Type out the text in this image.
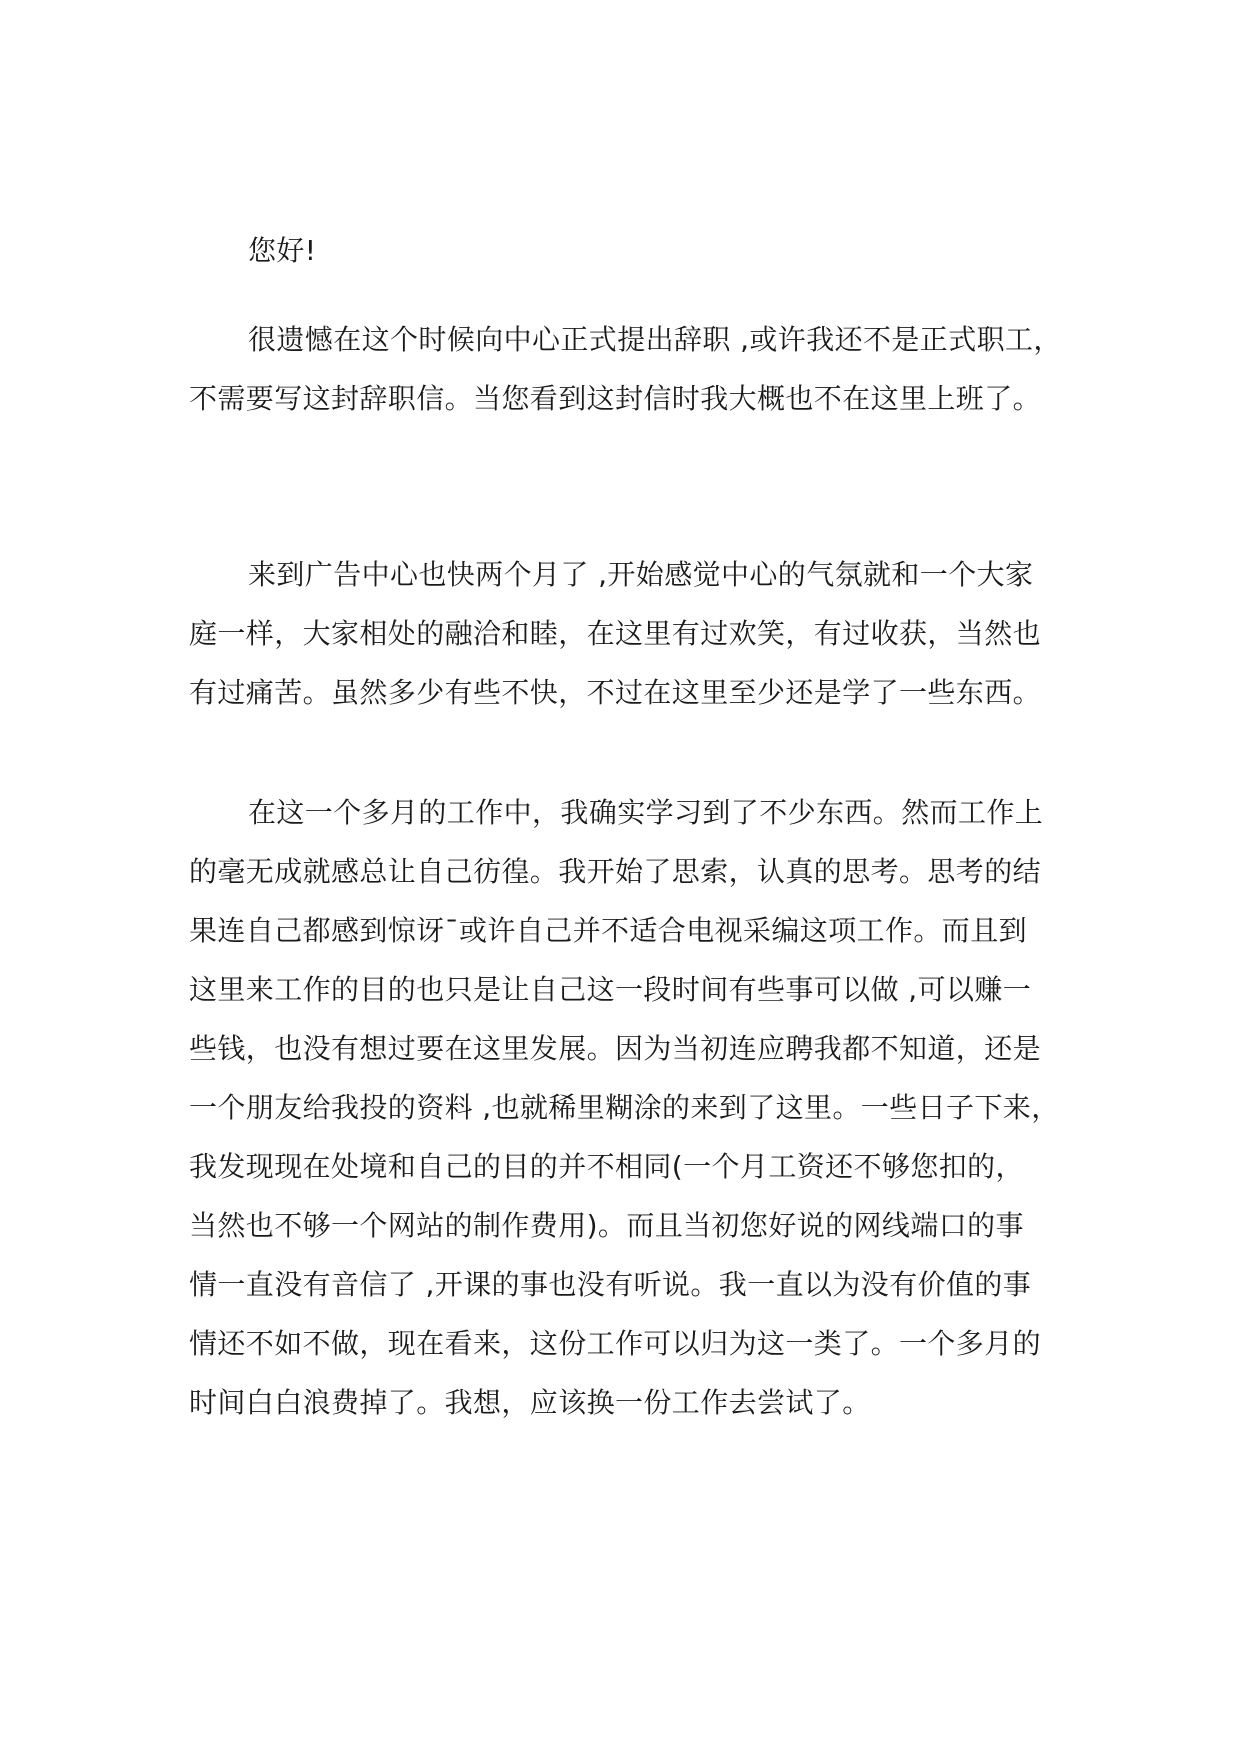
您好!
很遗憾在这个时候向中心正式提出辞职 ,或许我还不是正式职工，
不需要写这封辞职信。当您看到这封信时我大概也不在这里上班了。
来到广告中心也快两个月了 ,开始感觉中心的气氛就和一个大家
庭一样，大家相处的融洽和睦，在这里有过欢笑，有过收获，当然也
有过痛苦。虽然多少有些不快，不过在这里至少还是学了一些东西。
在这一个多月的工作中，我确实学习到了不少东西。然而工作上
的毫无成就感总让自己彷徨。我开始了思索，认真的思考。思考的结
果连自己都感到惊讶¯或许自己并不适合电视采编这项工作。而且到
这里来工作的目的也只是让自己这一段时间有些事可以做 ,可以赚一
些钱，也没有想过要在这里发展。因为当初连应聘我都不知道，还是
一个朋友给我投的资料 ,也就稀里糊涂的来到了这里。一些日子下来，
我发现现在处境和自己的目的并不相同(一个月工资还不够您扣的，
当然也不够一个网站的制作费用)。而且当初您好说的网线端口的事
情一直没有音信了 ,开课的事也没有听说。我一直以为没有价值的事
情还不如不做，现在看来，这份工作可以归为这一类了。一个多月的
时间白白浪费掉了。我想，应该换一份工作去尝试了。
